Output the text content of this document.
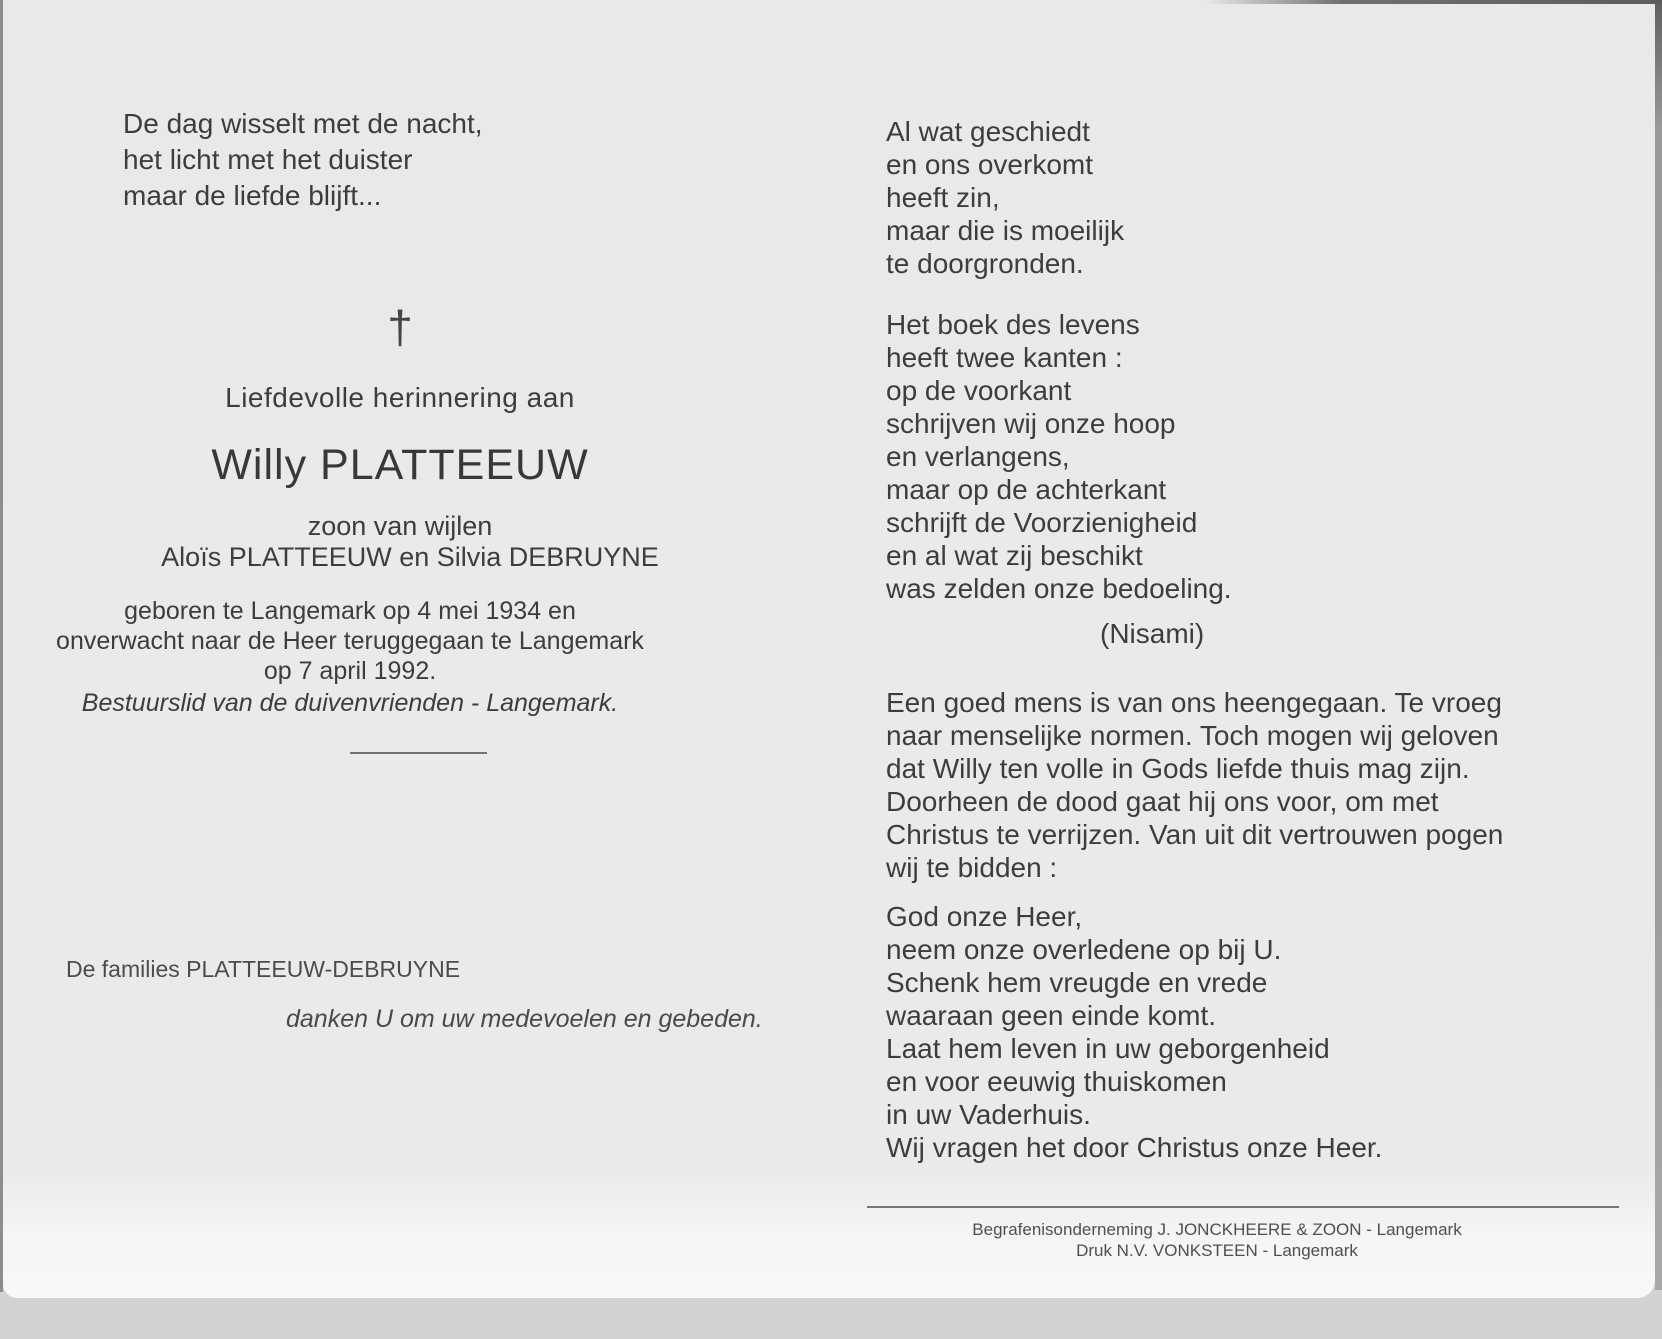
De dag wisselt met de nacht,
het licht met het duister
maar de liefde blijft...
†
Liefdevolle herinnering aan
Willy PLATTEEUW
zoon van wijlen
Aloïs PLATTEEUW en Silvia DEBRUYNE
geboren te Langemark op 4 mei 1934 en
onverwacht naar de Heer teruggegaan te Langemark
op 7 april 1992.
Bestuurslid van de duivenvrienden - Langemark.
De families PLATTEEUW-DEBRUYNE
danken U om uw medevoelen en gebeden.
Al wat geschiedt
en ons overkomt
heeft zin,
maar die is moeilijk
te doorgronden.
Het boek des levens
heeft twee kanten :
op de voorkant
schrijven wij onze hoop
en verlangens,
maar op de achterkant
schrijft de Voorzienigheid
en al wat zij beschikt
was zelden onze bedoeling.
(Nisami)
Een goed mens is van ons heengegaan. Te vroeg
naar menselijke normen. Toch mogen wij geloven
dat Willy ten volle in Gods liefde thuis mag zijn.
Doorheen de dood gaat hij ons voor, om met
Christus te verrijzen. Van uit dit vertrouwen pogen
wij te bidden :
God onze Heer,
neem onze overledene op bij U.
Schenk hem vreugde en vrede
waaraan geen einde komt.
Laat hem leven in uw geborgenheid
en voor eeuwig thuiskomen
in uw Vaderhuis.
Wij vragen het door Christus onze Heer.
Begrafenisonderneming J. JONCKHEERE & ZOON - Langemark
Druk N.V. VONKSTEEN - Langemark
